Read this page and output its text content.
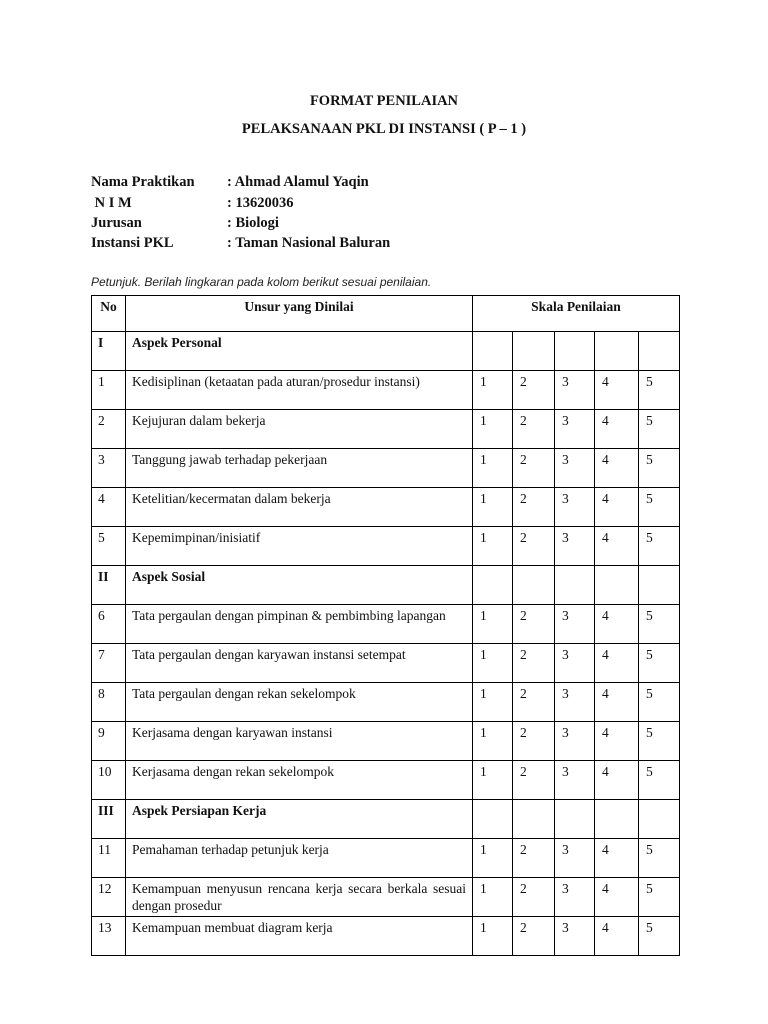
FORMAT PENILAIAN
PELAKSANAAN PKL DI INSTANSI ( P – 1 )
Nama Praktikan : Ahmad Alamul Yaqin
N I M	: 13620036
Jurusan	: Biologi
Instansi PKL	: Taman Nasional Baluran
Petunjuk. Berilah lingkaran pada kolom berikut sesuai penilaian.
No	Unsur yang Dinilai	Skala Penilaian				
I	Aspek Personal					
1	Kedisiplinan (ketaatan pada aturan/prosedur instansi)	1	2	3	4	5
2	Kejujuran dalam bekerja	1	2	3	4	5
3	Tanggung jawab terhadap pekerjaan	1	2	3	4	5
4	Ketelitian/kecermatan dalam bekerja	1	2	3	4	5
5	Kepemimpinan/inisiatif	1	2	3	4	5
II	Aspek Sosial					
6	Tata pergaulan dengan pimpinan & pembimbing lapangan	1	2	3	4	5
7	Tata pergaulan dengan karyawan instansi setempat	1	2	3	4	5
8	Tata pergaulan dengan rekan sekelompok	1	2	3	4	5
9	Kerjasama dengan karyawan instansi	1	2	3	4	5
10	Kerjasama dengan rekan sekelompok	1	2	3	4	5
III	Aspek Persiapan Kerja					
11	Pemahaman terhadap petunjuk kerja	1	2	3	4	5
12	Kemampuan menyusun rencana kerja secara berkala sesuai dengan prosedur	1	2	3	4	5
13	Kemampuan membuat diagram kerja	1	2	3	4	5
